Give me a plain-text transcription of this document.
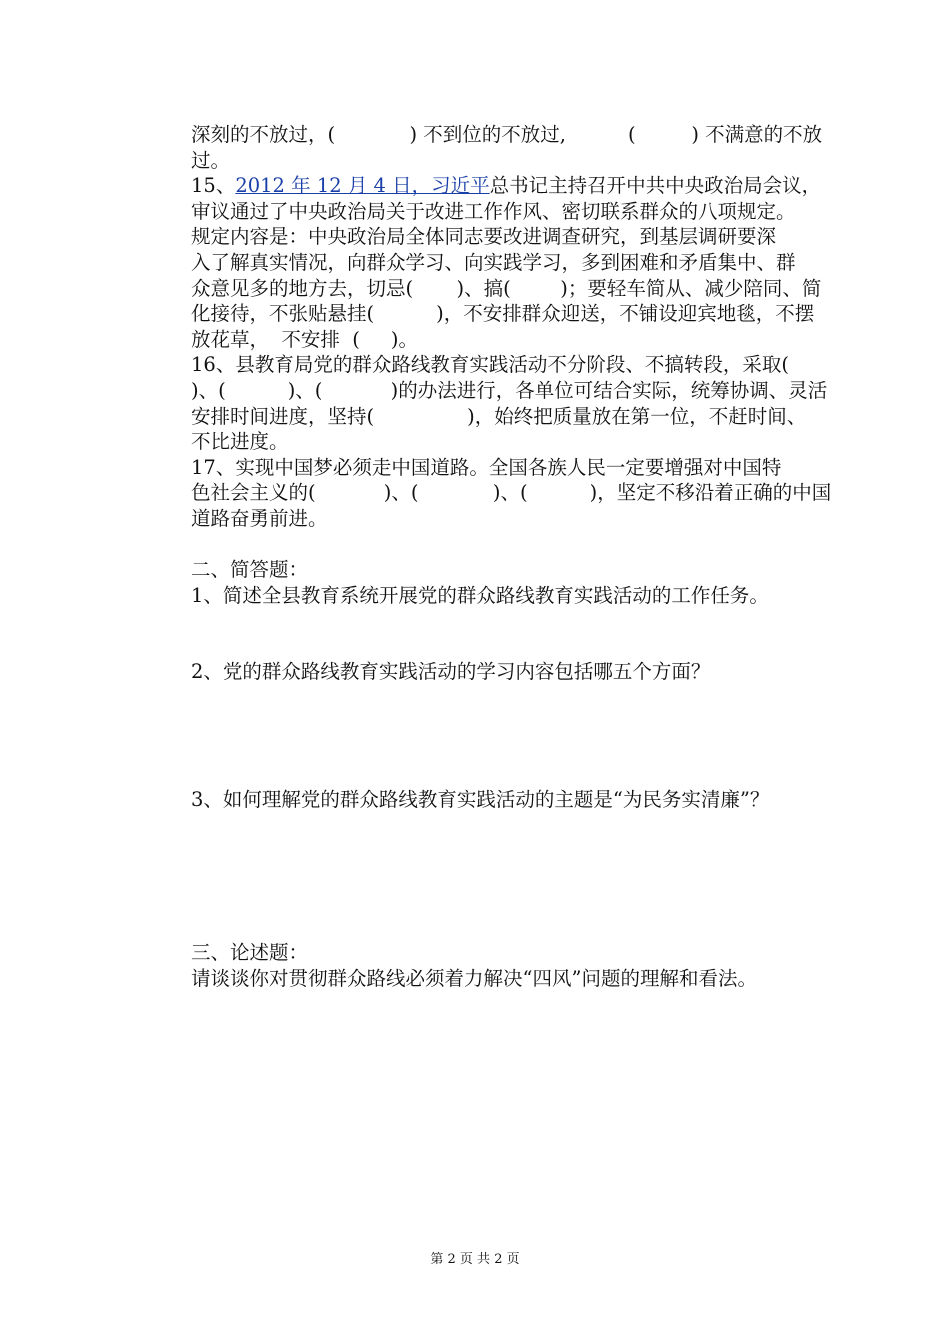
深刻的不放过，(            ) 不到位的不放过,          (         ) 不满意的不放
过。
15、2012 年 12 月 4 日，习近平总书记主持召开中共中央政治局会议，
审议通过了中央政治局关于改进工作作风、密切联系群众的八项规定。
规定内容是：中央政治局全体同志要改进调查研究，到基层调研要深
入了解真实情况，向群众学习、向实践学习，多到困难和矛盾集中、群
众意见多的地方去，切忌(       )、搞(        )；要轻车简从、减少陪同、简
化接待，不张贴悬挂(          )，不安排群众迎送，不铺设迎宾地毯，不摆
放花草，  不安排  (     )。
16、县教育局党的群众路线教育实践活动不分阶段、不搞转段，采取(
)、(          )、(           )的办法进行，各单位可结合实际，统筹协调、灵活
安排时间进度，坚持(               )，始终把质量放在第一位，不赶时间、
不比进度。
17、实现中国梦必须走中国道路。全国各族人民一定要增强对中国特
色社会主义的(           )、(            )、(          )，坚定不移沿着正确的中国
道路奋勇前进。
二、简答题：
1、简述全县教育系统开展党的群众路线教育实践活动的工作任务。
2、党的群众路线教育实践活动的学习内容包括哪五个方面？
3、如何理解党的群众路线教育实践活动的主题是“为民务实清廉”？
三、论述题：
请谈谈你对贯彻群众路线必须着力解决“四风”问题的理解和看法。
第 2 页 共 2 页
